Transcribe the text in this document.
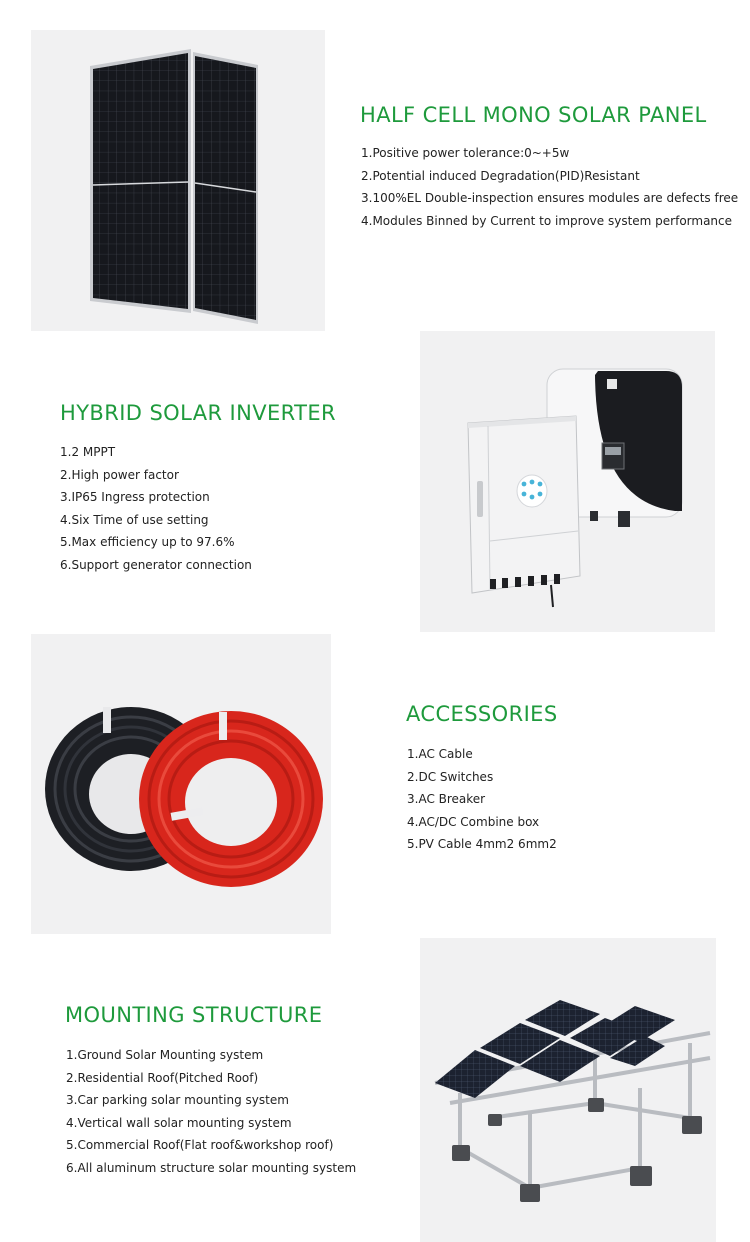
HALF CELL MONO SOLAR PANEL
1.Positive power tolerance:0~+5w
2.Potential induced Degradation(PID)Resistant
3.100%EL Double-inspection ensures modules are defects free
4.Modules Binned by Current to improve system performance
HYBRID SOLAR INVERTER
1.2 MPPT
2.High power factor
3.IP65 Ingress protection
4.Six Time of use setting
5.Max efficiency up to 97.6%
6.Support generator connection
ACCESSORIES
1.AC Cable
2.DC Switches
3.AC Breaker
4.AC/DC Combine box
5.PV Cable 4mm2 6mm2
MOUNTING STRUCTURE
1.Ground Solar Mounting system
2.Residential Roof(Pitched Roof)
3.Car parking solar mounting system
4.Vertical wall solar mounting system
5.Commercial Roof(Flat roof&workshop roof)
6.All aluminum structure solar mounting system
